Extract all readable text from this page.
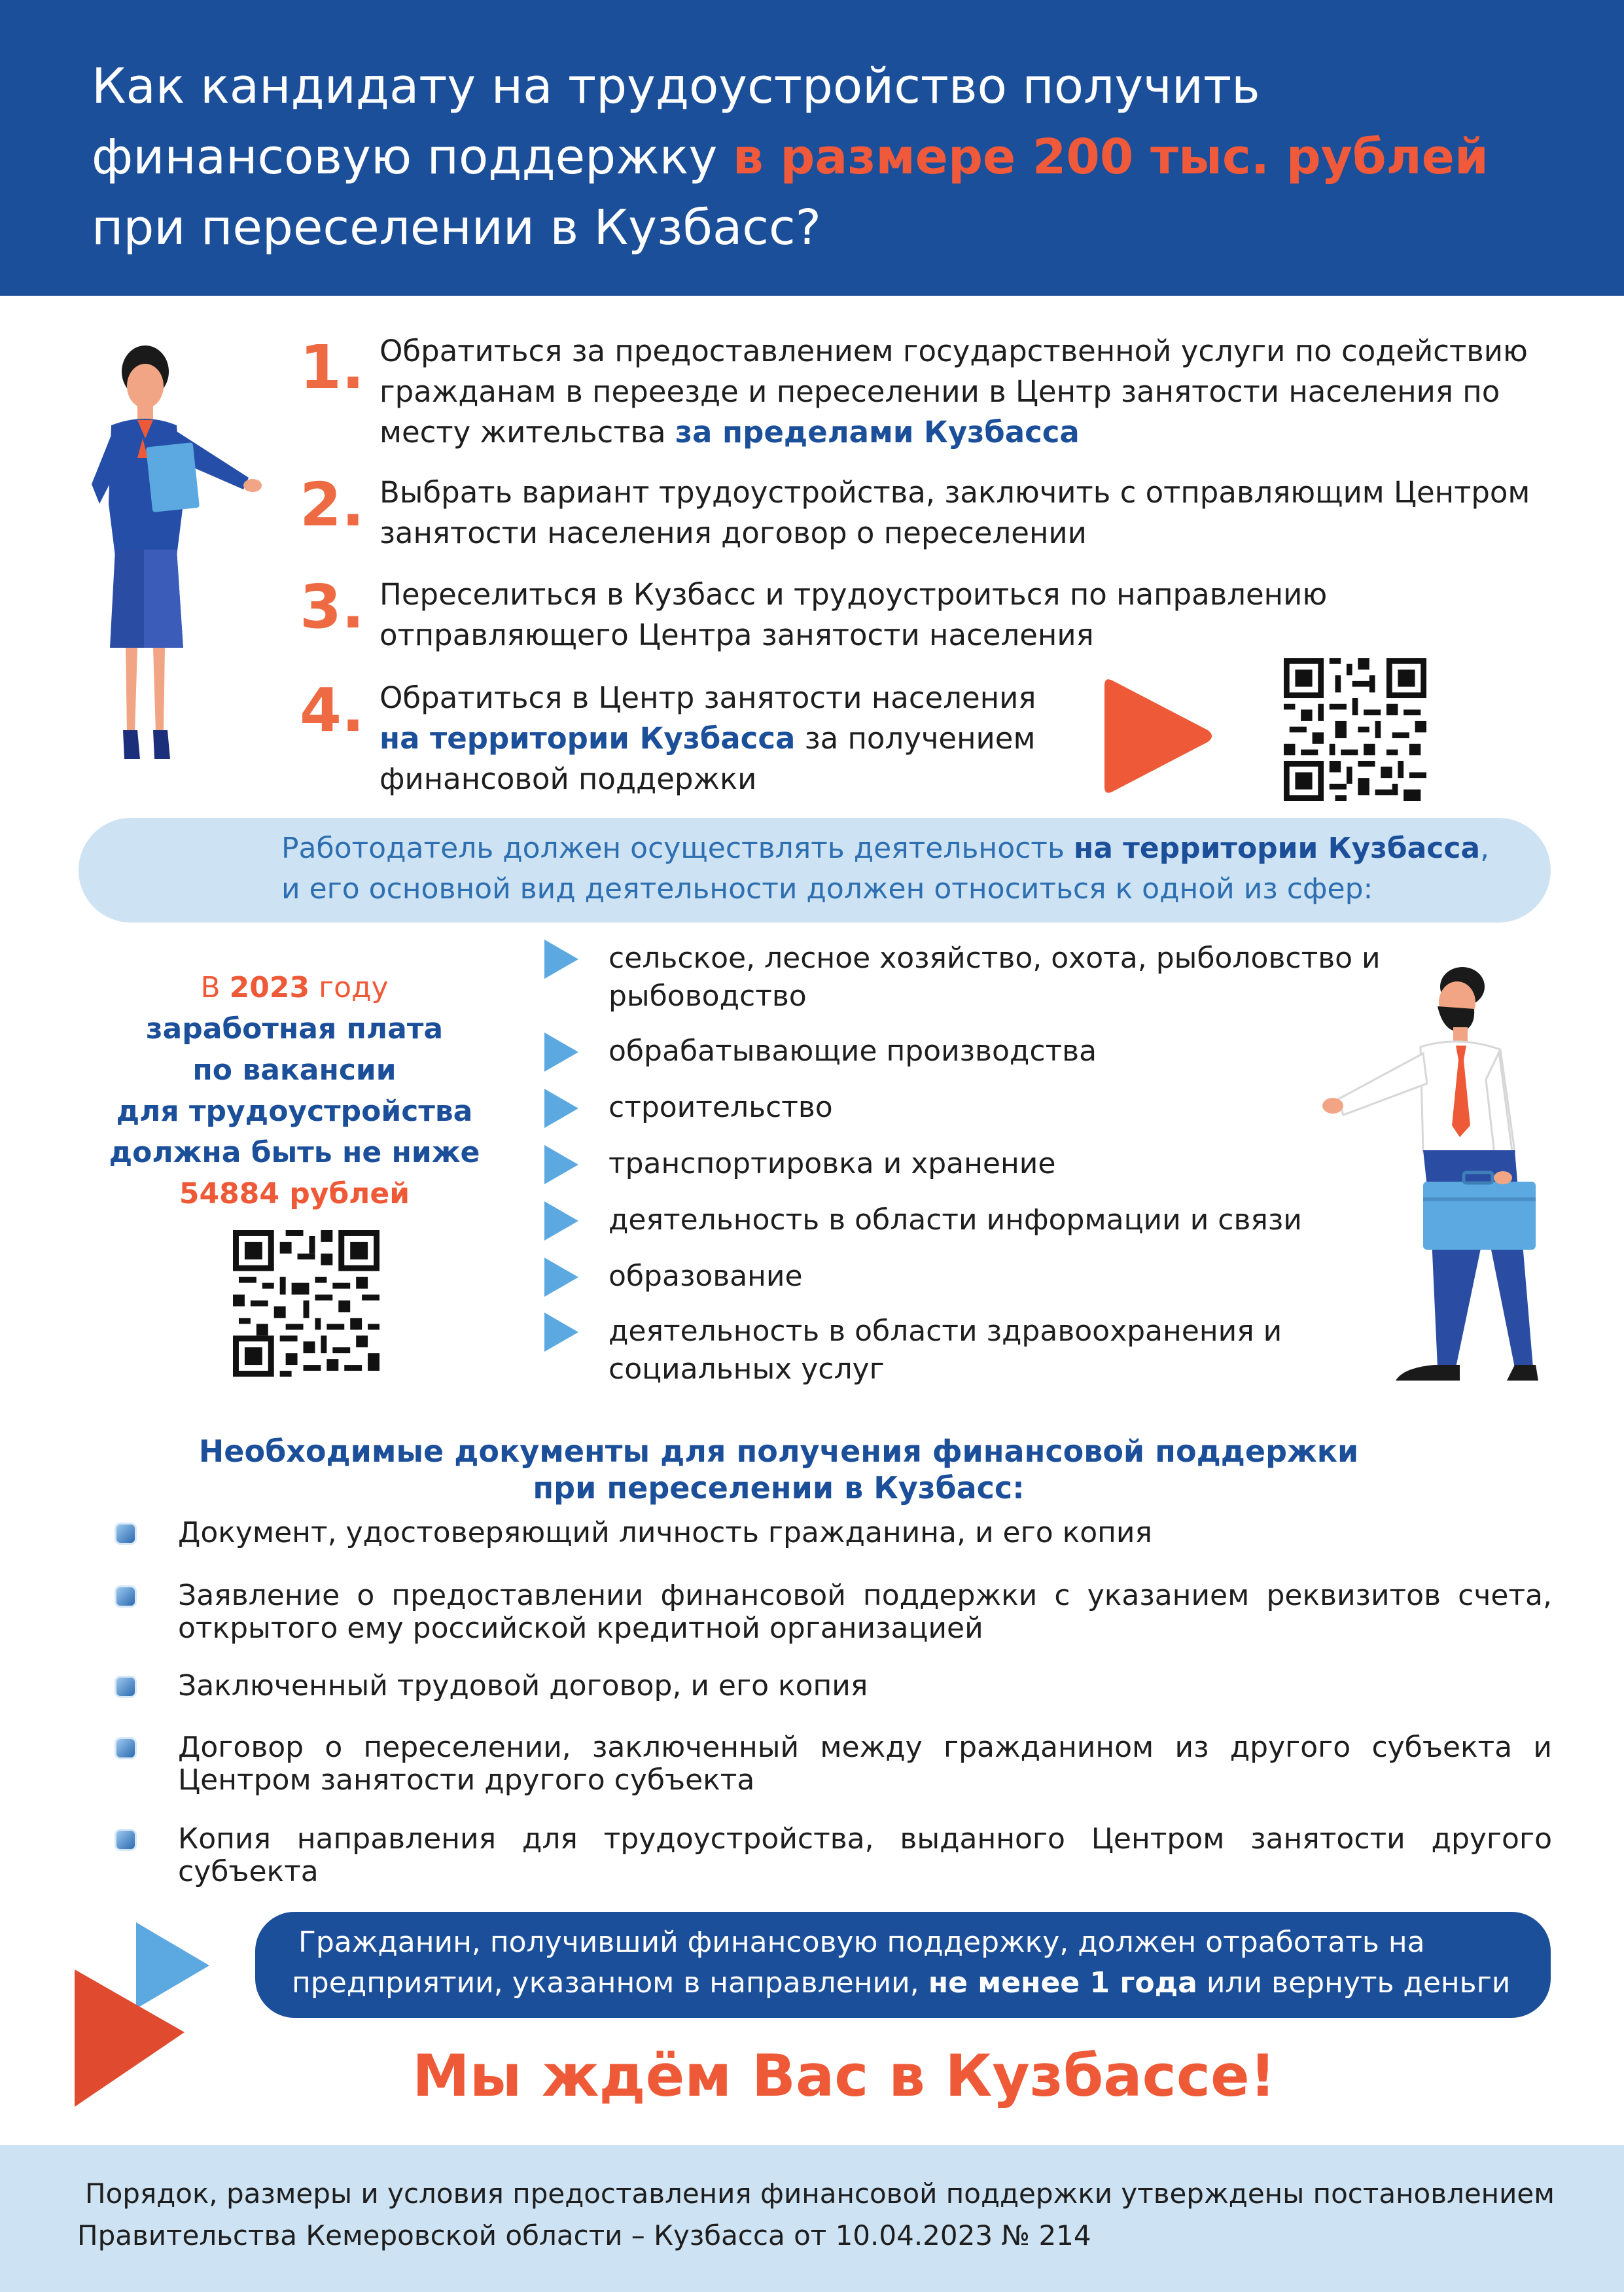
Как кандидату на трудоустройство получить
финансовую поддержку в размере 200 тыс. рублей
при переселении в Кузбасс?
1. Обратиться за предоставлением государственной услуги по содействию гражданам в переезде и переселении в Центр занятости населения по месту жительства за пределами Кузбасса
2. Выбрать вариант трудоустройства, заключить с отправляющим Центром занятости населения договор о переселении
3. Переселиться в Кузбасс и трудоустроиться по направлению отправляющего Центра занятости населения
4. Обратиться в Центр занятости населения
на территории Кузбасса за получением финансовой поддержки
Работодатель должен осуществлять деятельность на территории Кузбасса,
и его основной вид деятельности должен относиться к одной из сфер:
В 2023 году
заработная плата
по вакансии
для трудоустройства
должна быть не ниже
54884 рублей
сельское, лесное хозяйство, охота, рыболовство и рыбоводство
обрабатывающие производства
строительство
транспортировка и хранение
деятельность в области информации и связи
образование
деятельность в области здравоохранения и социальных услуг
Необходимые документы для получения финансовой поддержки
при переселении в Кузбасс:
Документ, удостоверяющий личность гражданина, и его копия
Заявление о предоставлении финансовой поддержки с указанием реквизитов счета, открытого ему российской кредитной организацией
Заключенный трудовой договор, и его копия
Договор о переселении, заключенный между гражданином из другого субъекта и Центром занятости другого субъекта
Копия направления для трудоустройства, выданного Центром занятости другого субъекта
Гражданин, получивший финансовую поддержку, должен отработать на
предприятии, указанном в направлении, не менее 1 года или вернуть деньги
Мы ждём Вас в Кузбассе!
Порядок, размеры и условия предоставления финансовой поддержки утверждены постановлением
Правительства Кемеровской области – Кузбасса от 10.04.2023 № 214
